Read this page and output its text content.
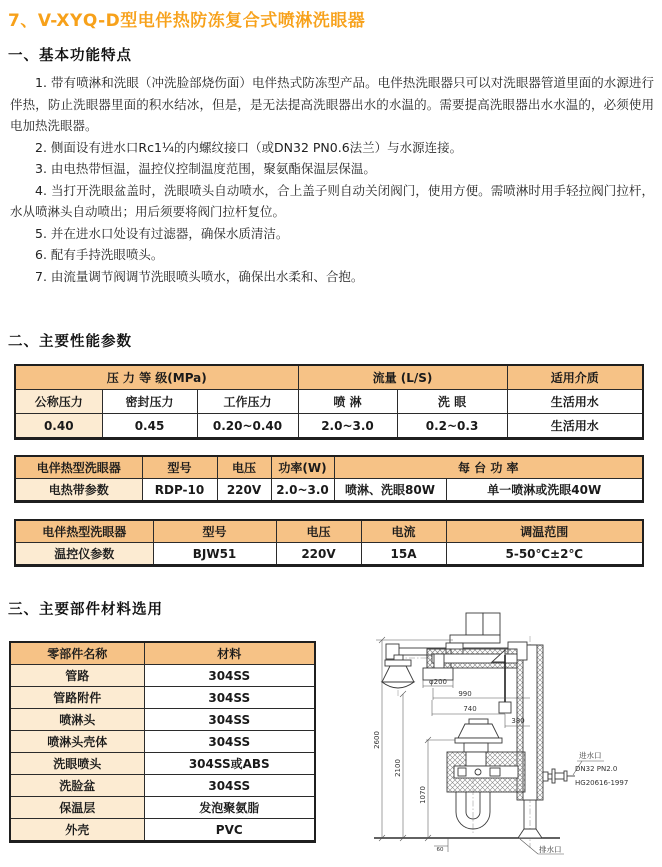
7、V-XYQ-D型电伴热防冻复合式喷淋洗眼器
一、基本功能特点

1. 带有喷淋和洗眼（冲洗脸部烧伤面）电伴热式防冻型产品。电伴热洗眼器只可以对洗眼器管道里面的水源进行伴热，防止洗眼器里面的积水结冰，但是，是无法提高洗眼器出水的水温的。需要提高洗眼器出水水温的，必须使用电加热洗眼器。

2. 侧面设有进水口Rc1¼的内螺纹接口（或DN32 PN0.6法兰）与水源连接。

3. 由电热带恒温，温控仪控制温度范围，聚氨酯保温层保温。

4. 当打开洗眼盆盖时，洗眼喷头自动喷水，合上盖子则自动关闭阀门，使用方便。需喷淋时用手轻拉阀门拉杆，水从喷淋头自动喷出；用后须要将阀门拉杆复位。

5. 并在进水口处设有过滤器，确保水质清洁。

6. 配有手持洗眼喷头。

7. 由流量调节阀调节洗眼喷头喷水，确保出水柔和、合抱。

二、主要性能参数
压 力 等 级(MPa)			流量 (L/S)		适用介质
公称压力	密封压力	工作压力	喷 淋	洗 眼	生活用水
0.40	0.45	0.20~0.40	2.0~3.0	0.2~0.3	生活用水
电伴热型洗眼器	型号	电压	功率(W)	每 台 功 率	
电热带参数	RDP-10	220V	2.0~3.0	喷淋、洗眼80W	单一喷淋或洗眼40W
电伴热型洗眼器	型号	电压	电流	调温范围
温控仪参数	BJW51	220V	15A	5-50℃±2℃
三、主要部件材料选用
零部件名称	材料
管路	304SS
管路附件	304SS
喷淋头	304SS
喷淋头壳体	304SS
洗眼喷头	304SS或ABS
洗脸盆	304SS
保温层	发泡聚氨脂
外壳	PVC
进水口
DN32 PN2.0
HG20616-1997
排水口
2600
2100
1070
φ200
990
740
380
60
